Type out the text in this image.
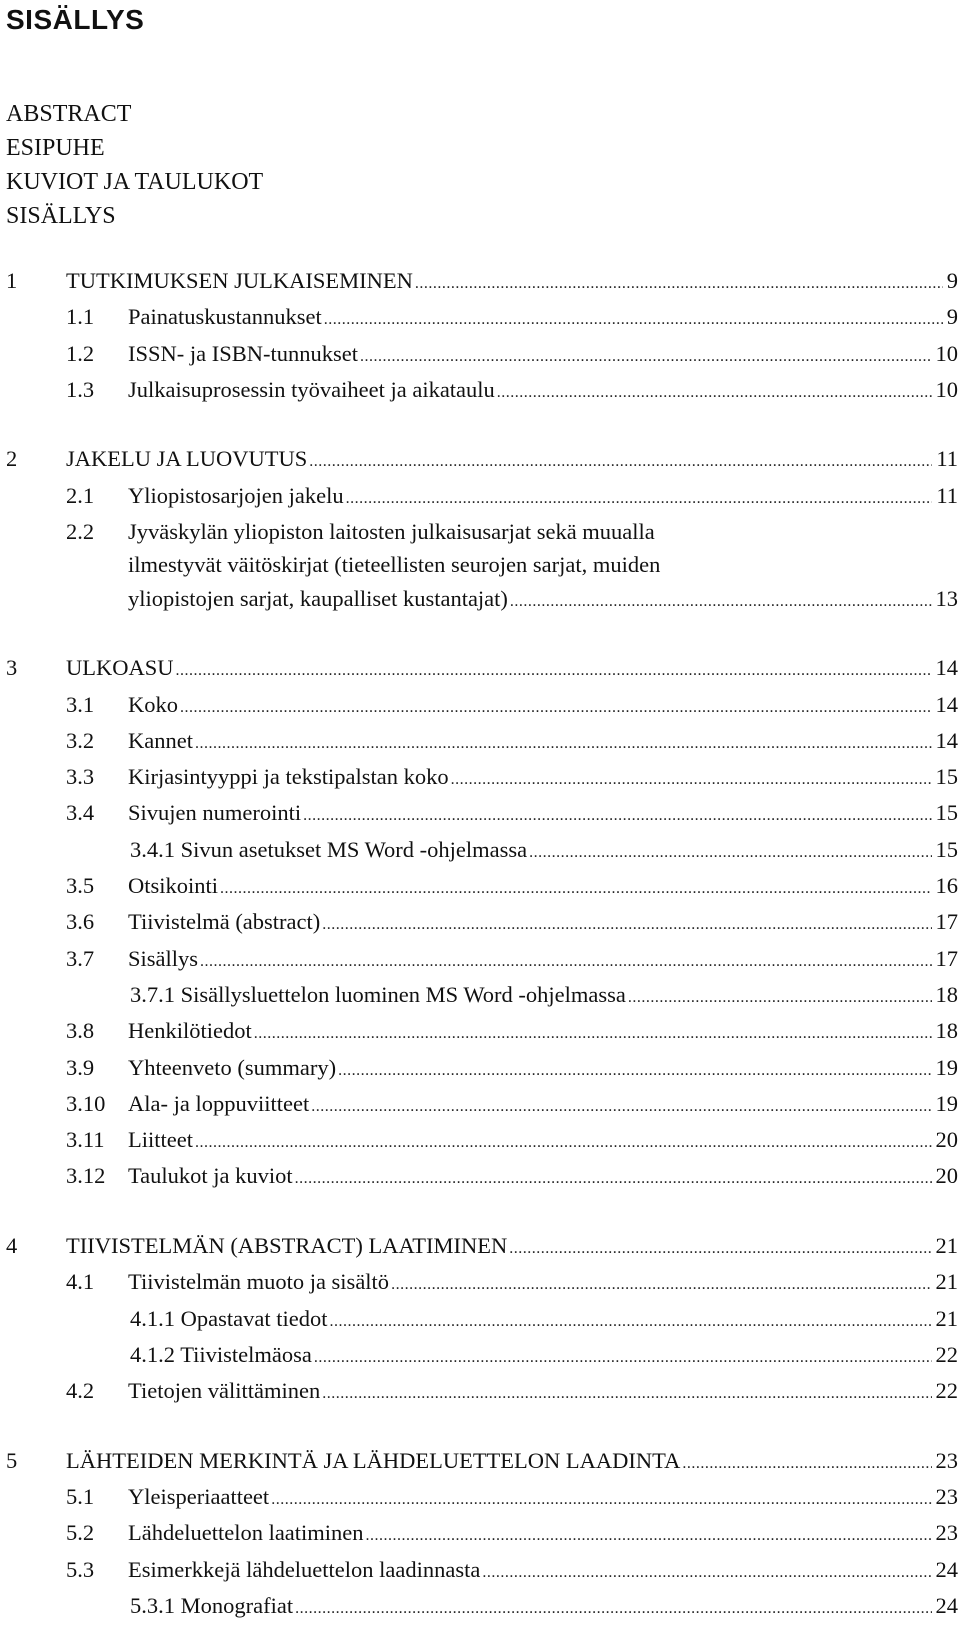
SISÄLLYS
ABSTRACT
ESIPUHE
KUVIOT JA TAULUKOT
SISÄLLYS
1 TUTKIMUKSEN JULKAISEMINEN .....	9
1.1 Painatuskustannukset .....	9
1.2 ISSN- ja ISBN-tunnukset .....	10
1.3 Julkaisuprosessin työvaiheet ja aikataulu .....	10
2 JAKELU JA LUOVUTUS .....	11
2.1 Yliopistosarjojen jakelu .....	11
2.2 Jyväskylän yliopiston laitosten julkaisusarjat sekä muualla
ilmestyvät väitöskirjat (tieteellisten seurojen sarjat, muiden
yliopistojen sarjat, kaupalliset kustantajat) .....	13
3 ULKOASU .....	14
3.1 Koko .....	14
3.2 Kannet .....	14
3.3 Kirjasintyyppi ja tekstipalstan koko .....	15
3.4 Sivujen numerointi .....	15
3.4.1 Sivun asetukset MS Word -ohjelmassa .....	15
3.5 Otsikointi .....	16
3.6 Tiivistelmä (abstract) .....	17
3.7 Sisällys .....	17
3.7.1 Sisällysluettelon luominen MS Word -ohjelmassa .....	18
3.8 Henkilötiedot .....	18
3.9 Yhteenveto (summary) .....	19
3.10 Ala- ja loppuviitteet .....	19
3.11 Liitteet .....	20
3.12 Taulukot ja kuviot .....	20
4 TIIVISTELMÄN (ABSTRACT) LAATIMINEN .....	21
4.1 Tiivistelmän muoto ja sisältö .....	21
4.1.1 Opastavat tiedot .....	21
4.1.2 Tiivistelmäosa .....	22
4.2 Tietojen välittäminen .....	22
5 LÄHTEIDEN MERKINTÄ JA LÄHDELUETTELON LAADINTA .....	23
5.1 Yleisperiaatteet .....	23
5.2 Lähdeluettelon laatiminen .....	23
5.3 Esimerkkejä lähdeluettelon laadinnasta .....	24
5.3.1 Monografiat .....	24
